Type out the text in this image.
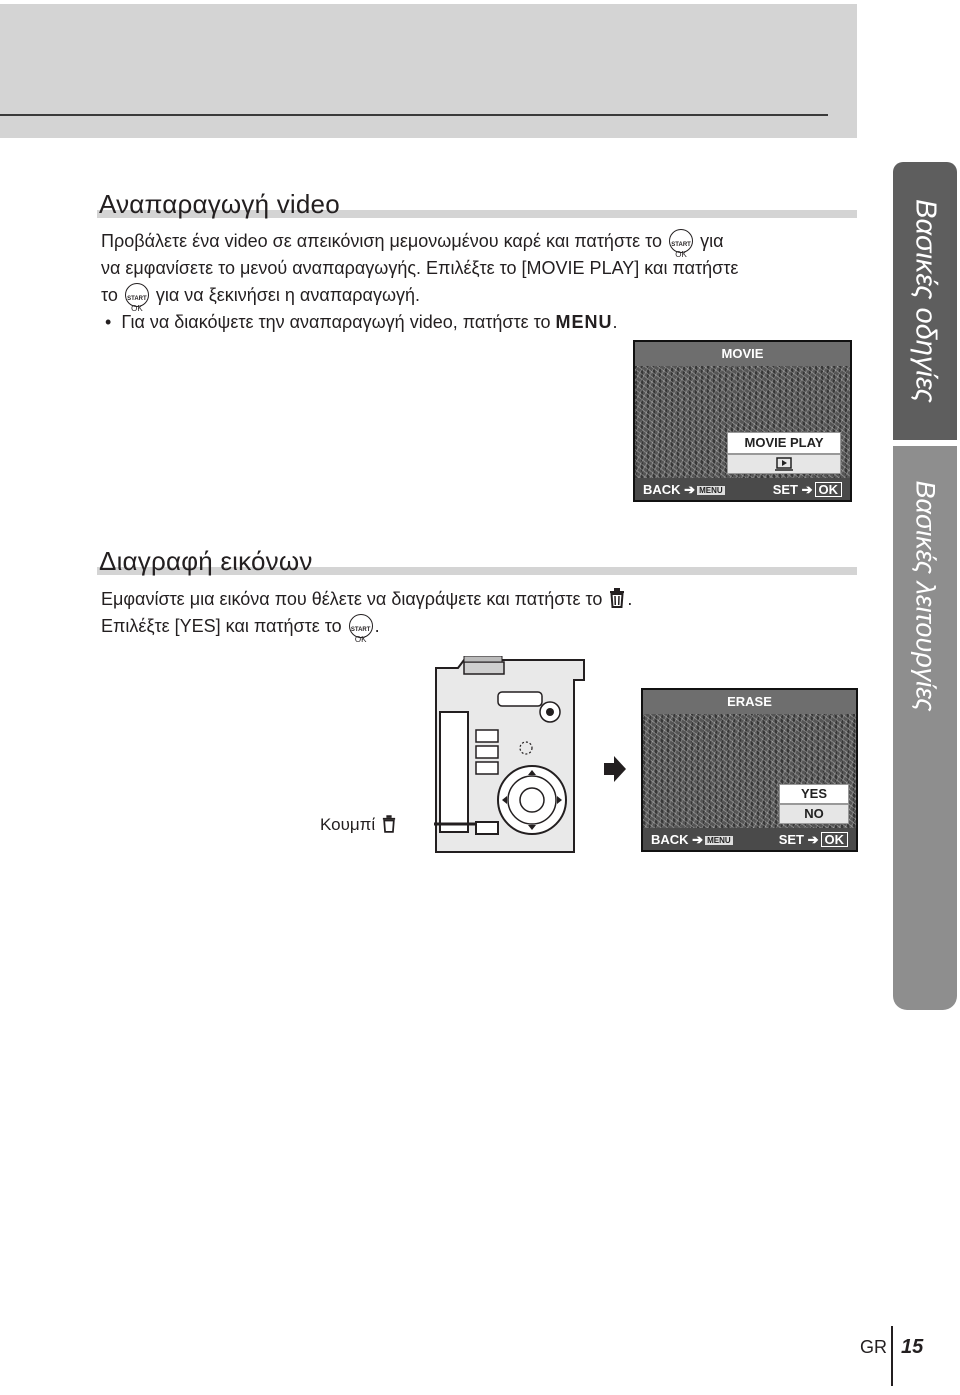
Αναπαραγωγή video
Προβάλετε ένα video σε απεικόνιση μεμονωμένου καρέ και πατήστε το START  OK για
να εμφανίσετε το μενού αναπαραγωγής. Επιλέξτε το [MOVIE PLAY] και πατήστε
το START  OK για να ξεκινήσει η αναπαραγωγή.
•  Για να διακόψετε την αναπαραγωγή video, πατήστε το MENU.
MOVIE
MOVIE PLAY
BACK ➔ MENU	SET ➔ OK
Διαγραφή εικόνων
Εμφανίστε μια εικόνα που θέλετε να διαγράψετε και πατήστε το .
Επιλέξτε [YES] και πατήστε το START  OK.
Κουμπί
ERASE
YES
NO
BACK ➔ MENU	SET ➔ OK
Βασικές οδηγίες
Βασικές λειτουργίες
GR 15
